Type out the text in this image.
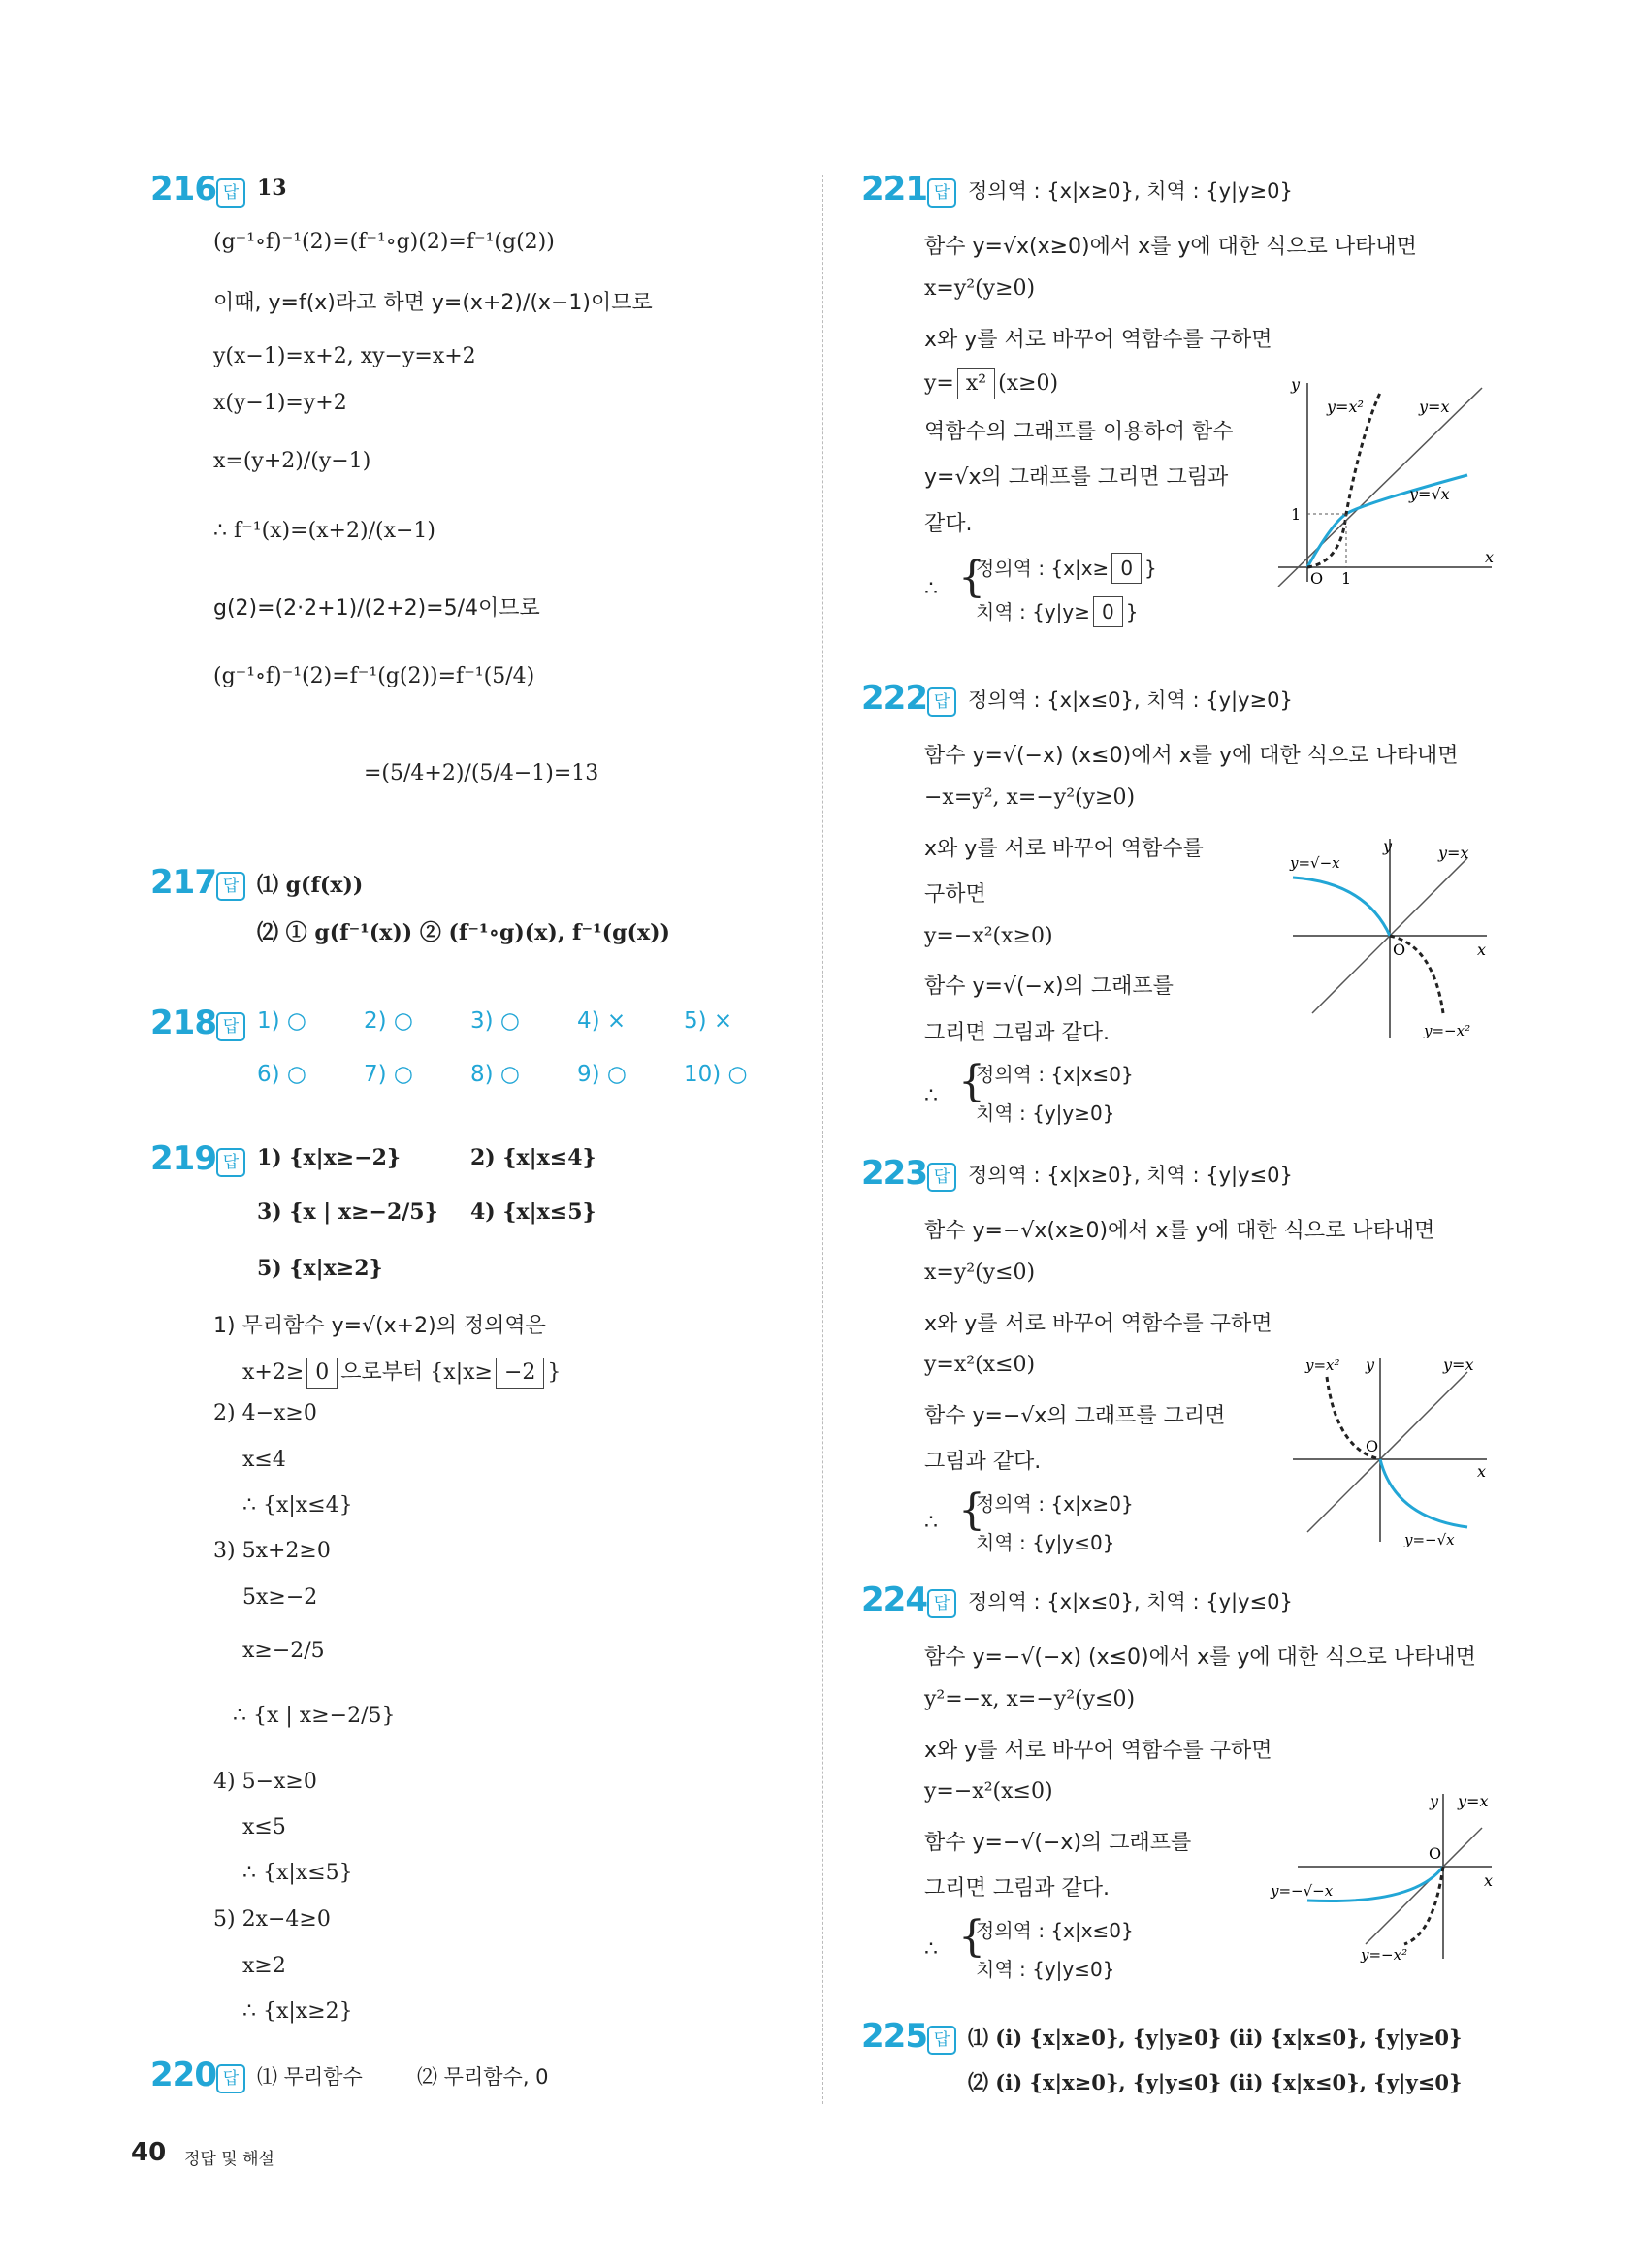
216 답 13
(g⁻¹∘f)⁻¹(2)=(f⁻¹∘g)(2)=f⁻¹(g(2))
이때, y=f(x)라고 하면 y=(x+2)/(x−1)이므로
y(x−1)=x+2, xy−y=x+2
x(y−1)=y+2
x=(y+2)/(y−1)
∴ f⁻¹(x)=(x+2)/(x−1)
g(2)=(2·2+1)/(2+2)=5/4이므로
(g⁻¹∘f)⁻¹(2)=f⁻¹(g(2))=f⁻¹(5/4)
=(5/4+2)/(5/4−1)=13
217 답 ⑴ g(f(x))
⑵ ① g(f⁻¹(x)) ② (f⁻¹∘g)(x), f⁻¹(g(x))
218 답 1) ○	2) ○	3) ○	4) ×	5) ×
6) ○	7) ○	8) ○	9) ○	10) ○
219 답 1) {x|x≥−2}	2) {x|x≤4}
3) {x | x≥−2/5} 4) {x|x≤5}
5) {x|x≥2}
1) 무리함수 y=√(x+2)의 정의역은
x+2≥ 0 으로부터 {x|x≥ −2 }
2) 4−x≥0
x≤4
∴ {x|x≤4}
3) 5x+2≥0
5x≥−2
x≥−2/5
∴ {x | x≥−2/5}
4) 5−x≥0
x≤5
∴ {x|x≤5}
5) 2x−4≥0
x≥2
∴ {x|x≥2}
220 답 ⑴ 무리함수	⑵ 무리함수, 0
221 답 정의역 : {x|x≥0}, 치역 : {y|y≥0}
함수 y=√x(x≥0)에서 x를 y에 대한 식으로 나타내면
x=y²(y≥0)
x와 y를 서로 바꾸어 역함수를 구하면
y= x² (x≥0)
역함수의 그래프를 이용하여 함수
y=√x의 그래프를 그리면 그림과
같다.
∴ {
정의역 : {x|x≥ 0 }
치역 : {y|y≥ 0 }
y
x
O 1
1
y=x²	y=x
y=√x
222 답 정의역 : {x|x≤0}, 치역 : {y|y≥0}
함수 y=√(−x) (x≤0)에서 x를 y에 대한 식으로 나타내면
−x=y², x=−y²(y≥0)
x와 y를 서로 바꾸어 역함수를
구하면
y=−x²(x≥0)
함수 y=√(−x)의 그래프를
그리면 그림과 같다.
∴ {
정의역 : {x|x≤0}
치역 : {y|y≥0}
y
x
O
y=√−x
y=x
y=−x²
223 답 정의역 : {x|x≥0}, 치역 : {y|y≤0}
함수 y=−√x(x≥0)에서 x를 y에 대한 식으로 나타내면
x=y²(y≤0)
x와 y를 서로 바꾸어 역함수를 구하면
y=x²(x≤0)
함수 y=−√x의 그래프를 그리면
그림과 같다.
∴ {
정의역 : {x|x≥0}
치역 : {y|y≤0}
y
x
O
y=x²	y=x
y=−√x
224 답 정의역 : {x|x≤0}, 치역 : {y|y≤0}
함수 y=−√(−x) (x≤0)에서 x를 y에 대한 식으로 나타내면
y²=−x, x=−y²(y≤0)
x와 y를 서로 바꾸어 역함수를 구하면
y=−x²(x≤0)
함수 y=−√(−x)의 그래프를
그리면 그림과 같다.
∴ {
정의역 : {x|x≤0}
치역 : {y|y≤0}
y
x
O
y=x
y=−√−x
y=−x²
225 답 ⑴ (i) {x|x≥0}, {y|y≥0} (ii) {x|x≤0}, {y|y≥0}
⑵ (i) {x|x≥0}, {y|y≤0} (ii) {x|x≤0}, {y|y≤0}
40 정답 및 해설
